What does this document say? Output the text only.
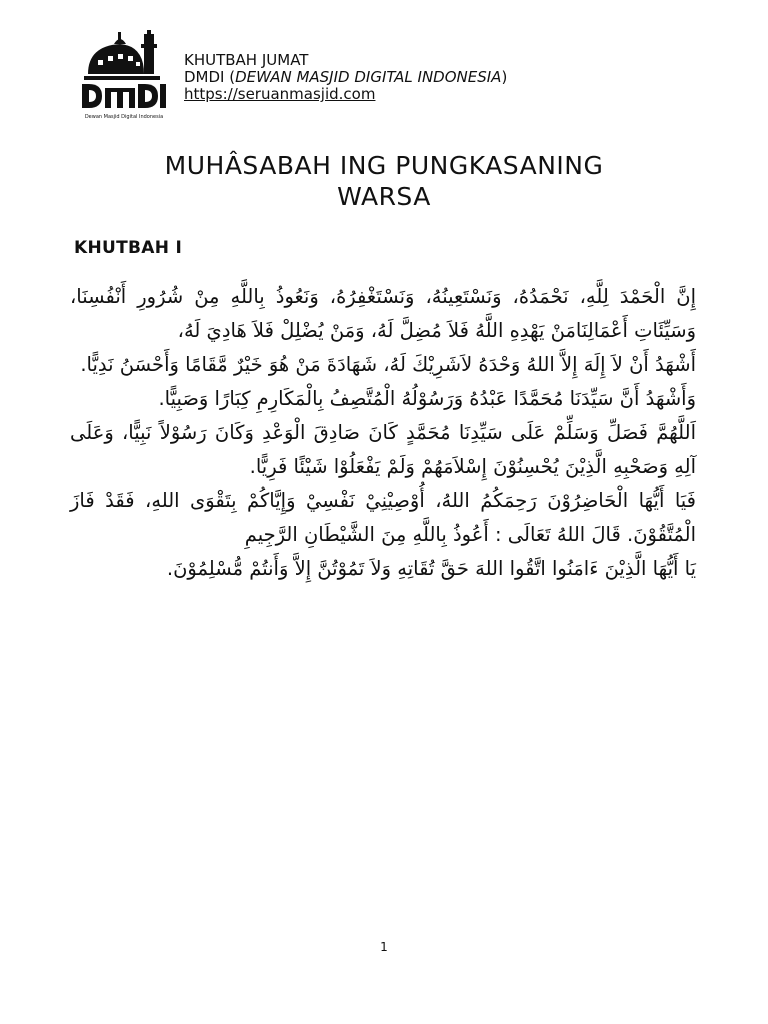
Dewan Masjid Digital Indonesia
KHUTBAH JUMAT
DMDI (DEWAN MASJID DIGITAL INDONESIA)
https://seruanmasjid.com
MUHÂSABAH ING PUNGKASANING
WARSA
KHUTBAH I

إِنَّ الْحَمْدَ لِلَّهِ، نَحْمَدُهُ، وَنَسْتَعِينُهُ، وَنَسْتَغْفِرُهُ، وَنَعُوذُ بِاللَّهِ مِنْ شُرُورِ أَنْفُسِنَا، وَسَيِّئَاتِ أَعْمَالِنَامَنْ يَهْدِهِ اللَّهُ فَلاَ مُضِلَّ لَهُ، وَمَنْ يُضْلِلْ فَلاَ هَادِيَ لَهُ،

أَشْهَدُ أَنْ لاَ إِلَهَ إِلاَّ اللهُ وَحْدَهُ لاَشَرِيْكَ لَهُ، شَهَادَةَ مَنْ هُوَ خَيْرٌ مَّقَامًا وَأَحْسَنُ نَدِيًّا.

وَأَشْهَدُ أَنَّ سَيِّدَنَا مُحَمَّدًا عَبْدُهُ وَرَسُوْلُهُ الْمُتَّصِفُ بِالْمَكَارِمِ كِبَارًا وَصَبِيًّا.

اَللَّهُمَّ فَصَلِّ وَسَلِّمْ عَلَى سَيِّدِنَا مُحَمَّدٍ كَانَ صَادِقَ الْوَعْدِ وَكَانَ رَسُوْلاً نَبِيًّا، وَعَلَى آلِهِ وَصَحْبِهِ الَّذِيْنَ يُحْسِنُوْنَ إِسْلاَمَهُمْ وَلَمْ يَفْعَلُوْا شَيْئًا فَرِيًّا.

فَيَا أَيُّهَا الْحَاضِرُوْنَ رَحِمَكُمُ اللهُ، أُوْصِيْنِيْ نَفْسِيْ وَإِيَّاكُمْ بِتَقْوَى اللهِ، فَقَدْ فَازَ الْمُتَّقُوْنَ. قَالَ اللهُ تَعَالَى : أَعُوذُ بِاللَّهِ مِنَ الشَّيْطَانِ الرَّجِيمِ

يَا أَيُّهَا الَّذِيْنَ ءَامَنُوا اتَّقُوا اللهَ حَقَّ تُقَاتِهِ وَلاَ تَمُوْتُنَّ إِلاَّ وَأَنتُمْ مُّسْلِمُوْنَ.

1
